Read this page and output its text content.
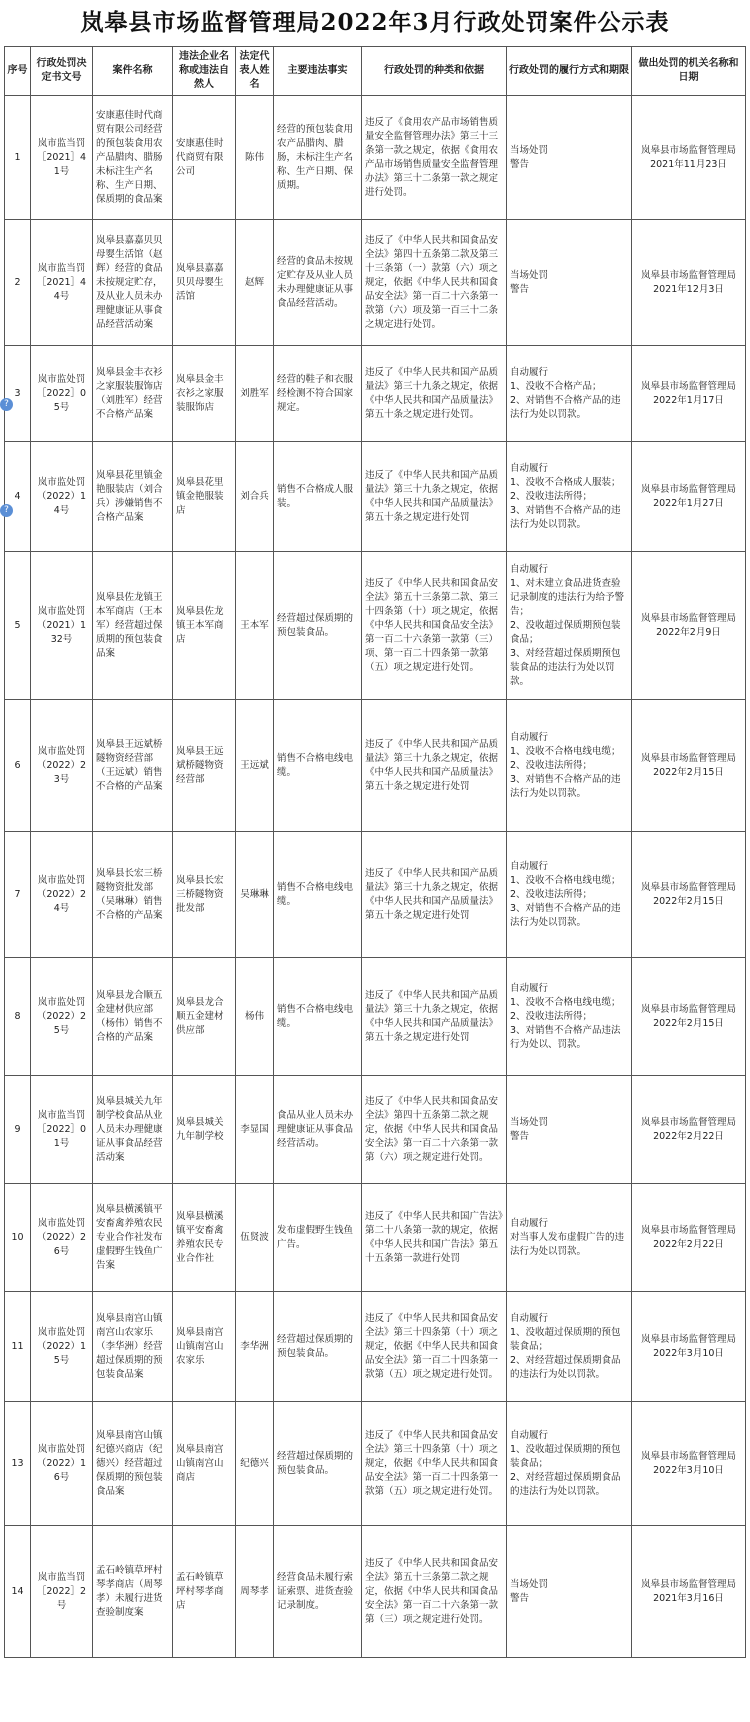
岚皋县市场监督管理局2022年3月行政处罚案件公示表
?
?
序号	行政处罚决定书文号	案件名称	违法企业名称或违法自然人	法定代表人姓名	主要违法事实	行政处罚的种类和依据	行政处罚的履行方式和期限	做出处罚的机关名称和日期
1	岚市监当罚［2021］41号	安康惠佳时代商贸有限公司经营的预包装食用农产品腊肉、腊肠未标注生产名称、生产日期、保质期的食品案	安康惠佳时代商贸有限公司	陈伟	经营的预包装食用农产品腊肉、腊肠，未标注生产名称、生产日期、保质期。	违反了《食用农产品市场销售质量安全监督管理办法》第三十三条第一款之规定，依据《食用农产品市场销售质量安全监督管理办法》第三十二条第一款之规定进行处罚。	当场处罚
警告	岚皋县市场监督管理局
2021年11月23日
2	岚市监当罚［2021］44号	岚皋县嘉嘉贝贝母婴生活馆（赵辉）经营的食品未按规定贮存，及从业人员未办理健康证从事食品经营活动案	岚皋县嘉嘉贝贝母婴生活馆	赵辉	经营的食品未按规定贮存及从业人员未办理健康证从事食品经营活动。	违反了《中华人民共和国食品安全法》第四十五条第二款及第三十三条第（一）款第（六）项之规定，依据《中华人民共和国食品安全法》第一百二十六条第一款第（六）项及第一百三十二条之规定进行处罚。	当场处罚
警告	岚皋县市场监督管理局
2021年12月3日
3	岚市监处罚［2022］05号	岚皋县金丰衣衫之家服装服饰店（刘胜军）经营不合格产品案	岚皋县金丰衣衫之家服装服饰店	刘胜军	经营的鞋子和衣服经检测不符合国家规定。	违反了《中华人民共和国产品质量法》第三十九条之规定，依据《中华人民共和国产品质量法》第五十条之规定进行处罚。	自动履行
1、没收不合格产品；
2、对销售不合格产品的违法行为处以罚款。	岚皋县市场监督管理局
2022年1月17日
4	岚市监处罚（2022）14号	岚皋县花里镇金艳服装店（刘合兵）涉嫌销售不合格产品案	岚皋县花里镇金艳服装店	刘合兵	销售不合格成人服装。	违反了《中华人民共和国产品质量法》第三十九条之规定，依据《中华人民共和国产品质量法》第五十条之规定进行处罚	自动履行
1、没收不合格成人服装；
2、没收违法所得；
3、对销售不合格产品的违法行为处以罚款。	岚皋县市场监督管理局
2022年1月27日
5	岚市监处罚（2021）132号	岚皋县佐龙镇王本军商店（王本军）经营超过保质期的预包装食品案	岚皋县佐龙镇王本军商店	王本军	经营超过保质期的预包装食品。	违反了《中华人民共和国食品安全法》第五十三条第二款、第三十四条第（十）项之规定，依据《中华人民共和国食品安全法》第一百二十六条第一款第（三）项、第一百二十四条第一款第（五）项之规定进行处罚。	自动履行
1、对未建立食品进货查验记录制度的违法行为给予警告；
2、没收超过保质期预包装食品；
3、对经营超过保质期预包装食品的违法行为处以罚款。	岚皋县市场监督管理局
2022年2月9日
6	岚市监处罚（2022）23号	岚皋县王远斌桥隧物资经营部（王远斌）销售不合格的产品案	岚皋县王远斌桥隧物资经营部	王远斌	销售不合格电线电缆。	违反了《中华人民共和国产品质量法》第三十九条之规定，依据《中华人民共和国产品质量法》第五十条之规定进行处罚	自动履行
1、没收不合格电线电缆；
2、没收违法所得；
3、对销售不合格产品的违法行为处以罚款。	岚皋县市场监督管理局
2022年2月15日
7	岚市监处罚（2022）24号	岚皋县长宏三桥隧物资批发部（吴琳琳）销售不合格的产品案	岚皋县长宏三桥隧物资批发部	吴琳琳	销售不合格电线电缆。	违反了《中华人民共和国产品质量法》第三十九条之规定，依据《中华人民共和国产品质量法》第五十条之规定进行处罚	自动履行
1、没收不合格电线电缆；
2、没收违法所得；
3、对销售不合格产品的违法行为处以罚款。	岚皋县市场监督管理局
2022年2月15日
8	岚市监处罚（2022）25号	岚皋县龙合顺五金建材供应部（杨伟）销售不合格的产品案	岚皋县龙合顺五金建材供应部	杨伟	销售不合格电线电缆。	违反了《中华人民共和国产品质量法》第三十九条之规定，依据《中华人民共和国产品质量法》第五十条之规定进行处罚	自动履行
1、没收不合格电线电缆；
2、没收违法所得；
3、对销售不合格产品违法行为处以、罚款。	岚皋县市场监督管理局
2022年2月15日
9	岚市监当罚［2022］01号	岚皋县城关九年制学校食品从业人员未办理健康证从事食品经营活动案	岚皋县城关九年制学校	李显国	食品从业人员未办理健康证从事食品经营活动。	违反了《中华人民共和国食品安全法》第四十五条第二款之规定，依据《中华人民共和国食品安全法》第一百二十六条第一款第（六）项之规定进行处罚。	当场处罚
警告	岚皋县市场监督管理局
2022年2月22日
10	岚市监处罚（2022）26号	岚皋县横溪镇平安畜禽养殖农民专业合作社发布虚假野生钱鱼广告案	岚皋县横溪镇平安畜禽养殖农民专业合作社	伍贤波	发布虚假野生钱鱼广告。	违反了《中华人民共和国广告法》第二十八条第一款的规定，依据《中华人民共和国广告法》第五十五条第一款进行处罚	自动履行
对当事人发布虚假广告的违法行为处以罚款。	岚皋县市场监督管理局
2022年2月22日
11	岚市监处罚（2022）15号	岚皋县南宫山镇南宫山农家乐（李华洲）经营超过保质期的预包装食品案	岚皋县南宫山镇南宫山农家乐	李华洲	经营超过保质期的预包装食品。	违反了《中华人民共和国食品安全法》第三十四条第（十）项之规定，依据《中华人民共和国食品安全法》第一百二十四条第一款第（五）项之规定进行处罚。	自动履行
1、没收超过保质期的预包装食品；
2、对经营超过保质期食品的违法行为处以罚款。	岚皋县市场监督管理局
2022年3月10日
13	岚市监处罚（2022）16号	岚皋县南宫山镇纪德兴商店（纪德兴）经营超过保质期的预包装食品案	岚皋县南宫山镇南宫山商店	纪德兴	经营超过保质期的预包装食品。	违反了《中华人民共和国食品安全法》第三十四条第（十）项之规定，依据《中华人民共和国食品安全法》第一百二十四条第一款第（五）项之规定进行处罚。	自动履行
1、没收超过保质期的预包装食品；
2、对经营超过保质期食品的违法行为处以罚款。	岚皋县市场监督管理局
2022年3月10日
14	岚市监当罚［2022］2号	孟石岭镇草坪村琴孝商店（周琴孝）未履行进货查验制度案	孟石岭镇草坪村琴孝商店	周琴孝	经营食品未履行索证索票、进货查验记录制度。	违反了《中华人民共和国食品安全法》第五十三条第二款之规定，依据《中华人民共和国食品安全法》第一百二十六条第一款第（三）项之规定进行处罚。	当场处罚
警告	岚皋县市场监督管理局
2021年3月16日
